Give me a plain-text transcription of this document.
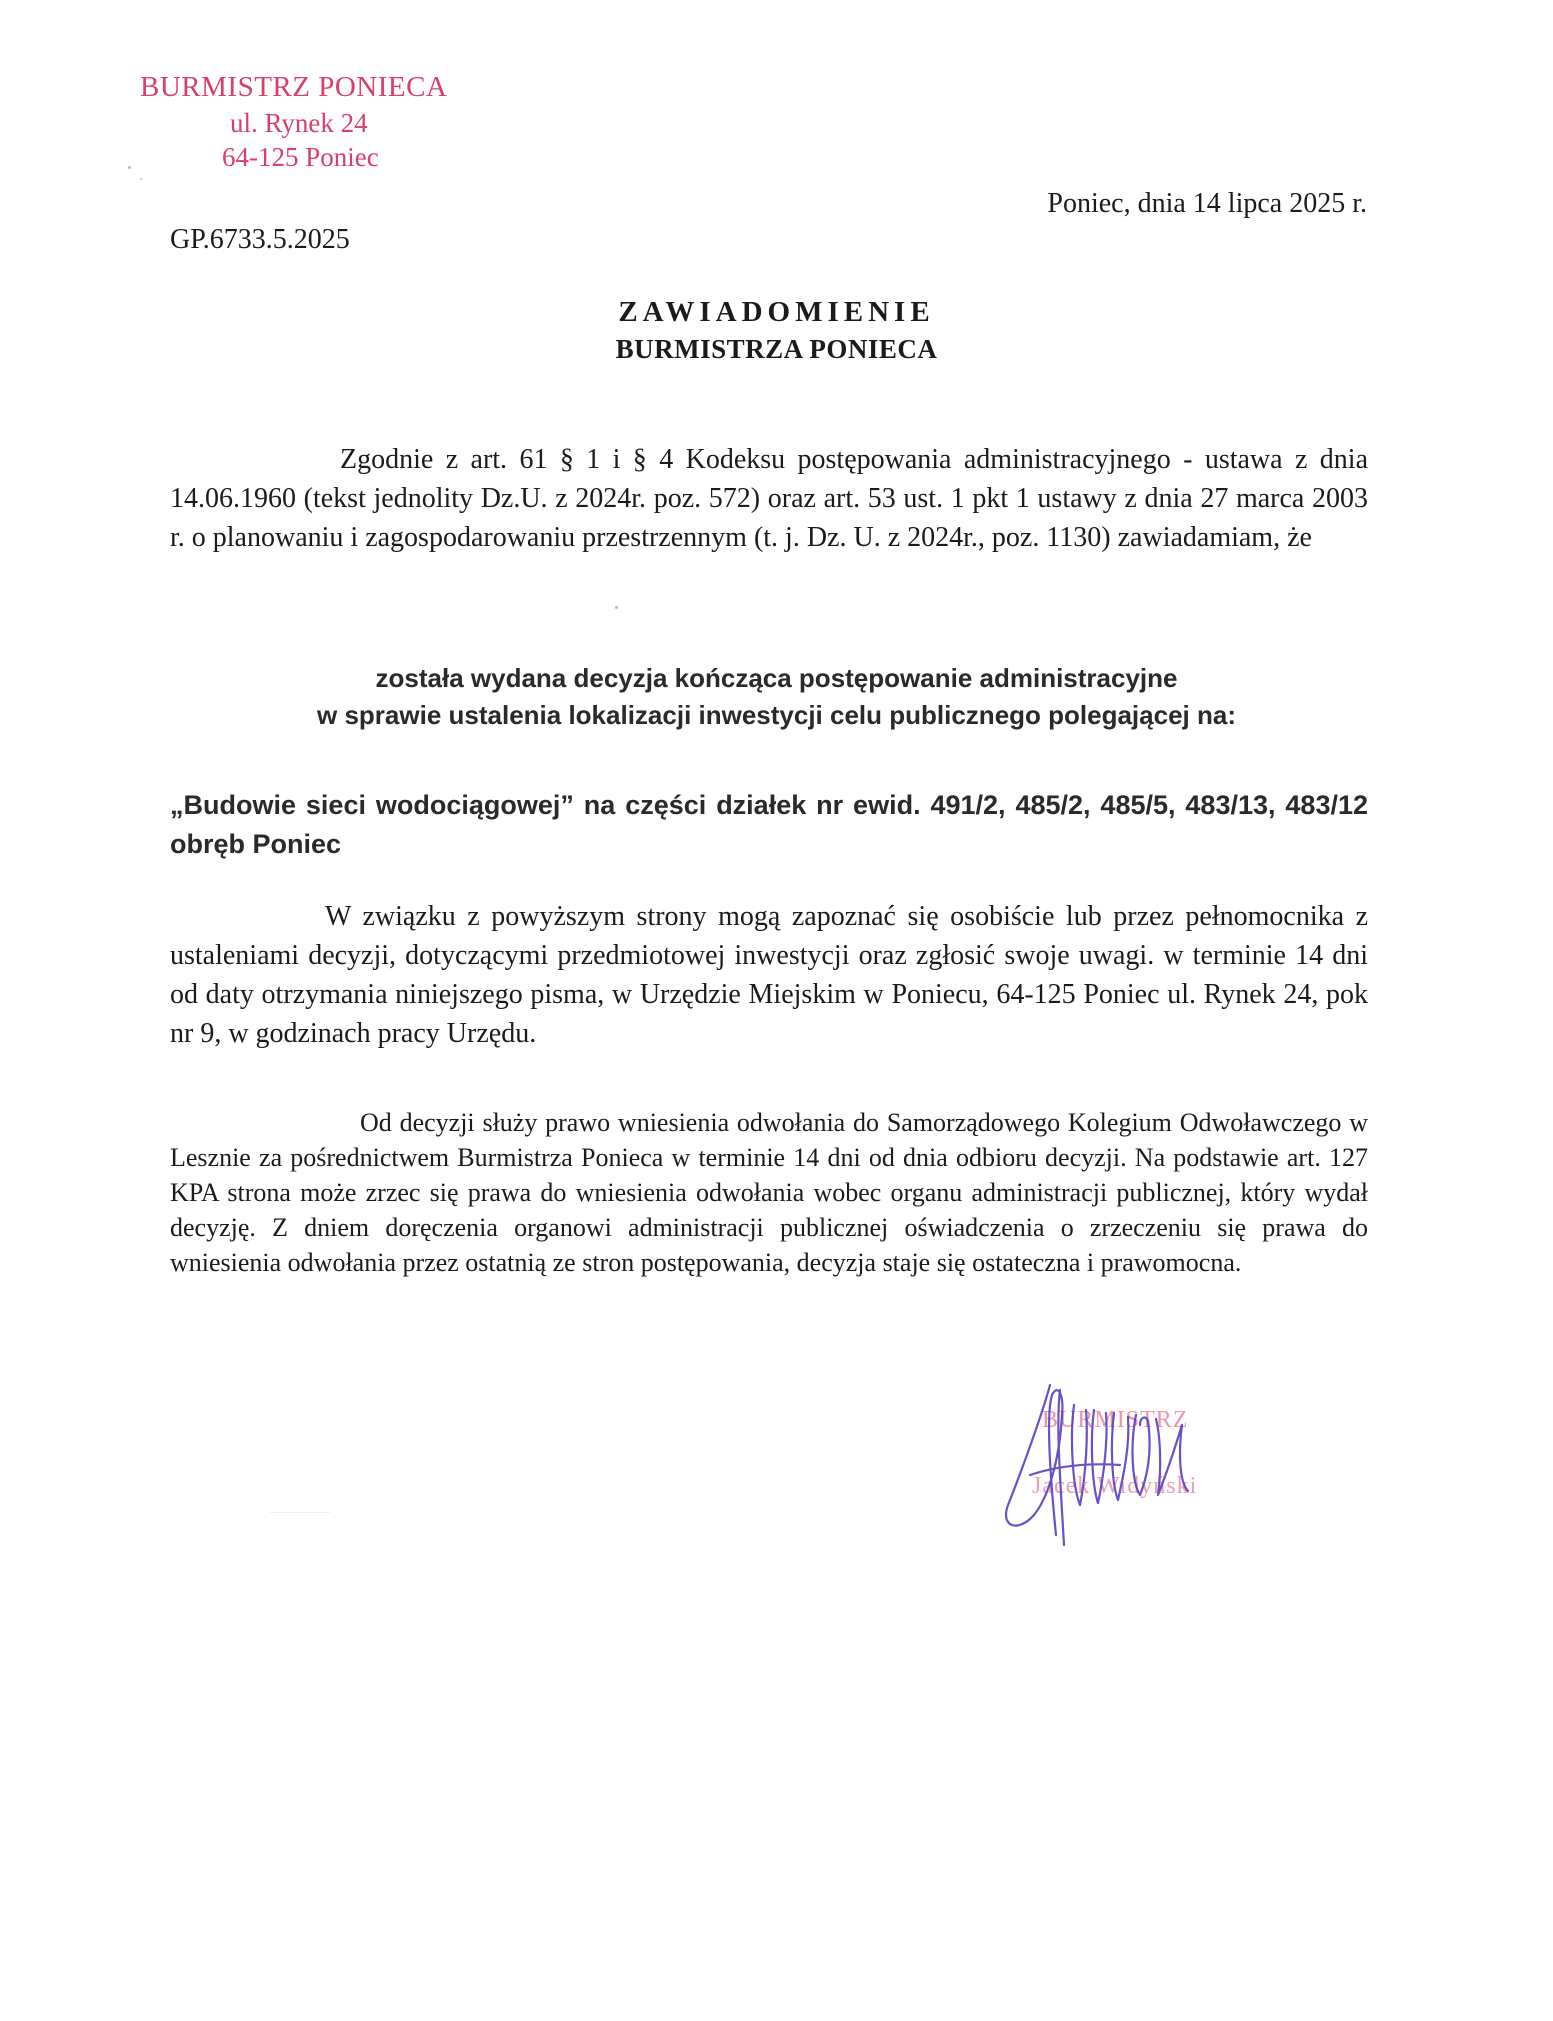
BURMISTRZ PONIECA
ul. Rynek 24
64-125 Poniec
Poniec, dnia 14 lipca 2025 r.
GP.6733.5.2025
ZAWIADOMIENIE
BURMISTRZA PONIECA

Zgodnie z art. 61 § 1 i § 4 Kodeksu postępowania administracyjnego - ustawa z dnia 14.06.1960 (tekst jednolity Dz.U. z 2024r. poz. 572) oraz art. 53 ust. 1 pkt 1 ustawy z dnia 27 marca 2003 r. o planowaniu i zagospodarowaniu przestrzennym (t. j. Dz. U. z 2024r., poz. 1130) zawiadamiam, że

została wydana decyzja kończąca postępowanie administracyjne
w sprawie ustalenia lokalizacji inwestycji celu publicznego polegającej na:

„Budowie sieci wodociągowej” na części działek nr ewid. 491/2, 485/2, 485/5, 483/13, 483/12 obręb Poniec

W związku z powyższym strony mogą zapoznać się osobiście lub przez pełnomocnika z ustaleniami decyzji, dotyczącymi przedmiotowej inwestycji oraz zgłosić swoje uwagi. w terminie 14 dni od daty otrzymania niniejszego pisma, w Urzędzie Miejskim w Poniecu, 64-125 Poniec ul. Rynek 24, pok nr 9, w godzinach pracy Urzędu.

Od decyzji służy prawo wniesienia odwołania do Samorządowego Kolegium Odwoławczego w Lesznie za pośrednictwem Burmistrza Ponieca w terminie 14 dni od dnia odbioru decyzji. Na podstawie art. 127 KPA strona może zrzec się prawa do wniesienia odwołania wobec organu administracji publicznej, który wydał decyzję. Z dniem doręczenia organowi administracji publicznej oświadczenia o zrzeczeniu się prawa do wniesienia odwołania przez ostatnią ze stron postępowania, decyzja staje się ostateczna i prawomocna.

BURMISTRZ
Jacek Widyński
